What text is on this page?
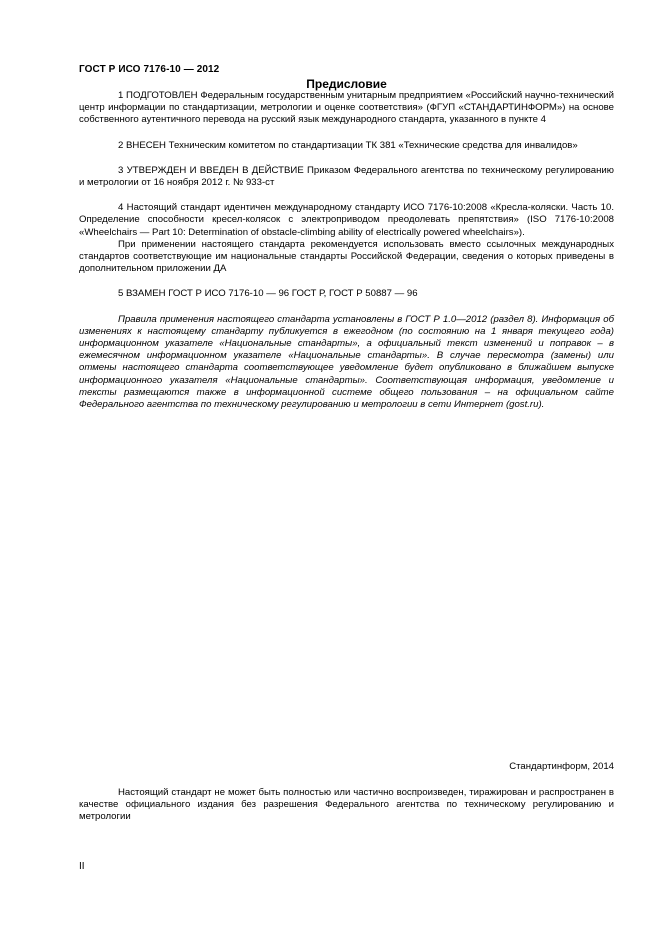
ГОСТ Р ИСО 7176-10 — 2012
Предисловие

1 ПОДГОТОВЛЕН Федеральным государственным унитарным предприятием «Российский научно-технический центр информации по стандартизации, метрологии и оценке соответствия» (ФГУП «СТАНДАРТИНФОРМ») на основе собственного аутентичного перевода на русский язык международного стандарта, указанного в пункте 4

2 ВНЕСЕН Техническим комитетом по стандартизации ТК 381 «Технические средства для инвалидов»

3 УТВЕРЖДЕН И ВВЕДЕН В ДЕЙСТВИЕ Приказом Федерального агентства по техническому регулированию и метрологии от 16 ноября 2012 г. № 933-ст

4 Настоящий стандарт идентичен международному стандарту ИСО 7176-10:2008 «Кресла-коляски. Часть 10. Определение способности кресел-колясок с электроприводом преодолевать препятствия» (ISO 7176-10:2008 «Wheelchairs — Part 10: Determination of obstacle-climbing ability of electrically powered wheelchairs»).

При применении настоящего стандарта рекомендуется использовать вместо ссылочных международных стандартов соответствующие им национальные стандарты Российской Федерации, сведения о которых приведены в дополнительном приложении ДА

5 ВЗАМЕН ГОСТ Р ИСО 7176-10 — 96 ГОСТ Р, ГОСТ Р 50887 — 96

Правила применения настоящего стандарта установлены в ГОСТ Р 1.0—2012 (раздел 8). Информация об изменениях к настоящему стандарту публикуется в ежегодном (по состоянию на 1 января текущего года) информационном указателе «Национальные стандарты», а официальный текст изменений и поправок – в ежемесячном информационном указателе «Национальные стандарты». В случае пересмотра (замены) или отмены настоящего стандарта соответствующее уведомление будет опубликовано в ближайшем выпуске информационного указателя «Национальные стандарты». Соответствующая информация, уведомление и тексты размещаются также в информационной системе общего пользования – на официальном сайте Федерального агентства по техническому регулированию и метрологии в сети Интернет (gost.ru).

Стандартинформ, 2014

Настоящий стандарт не может быть полностью или частично воспроизведен, тиражирован и распространен в качестве официального издания без разрешения Федерального агентства по техническому регулированию и метрологии

II
